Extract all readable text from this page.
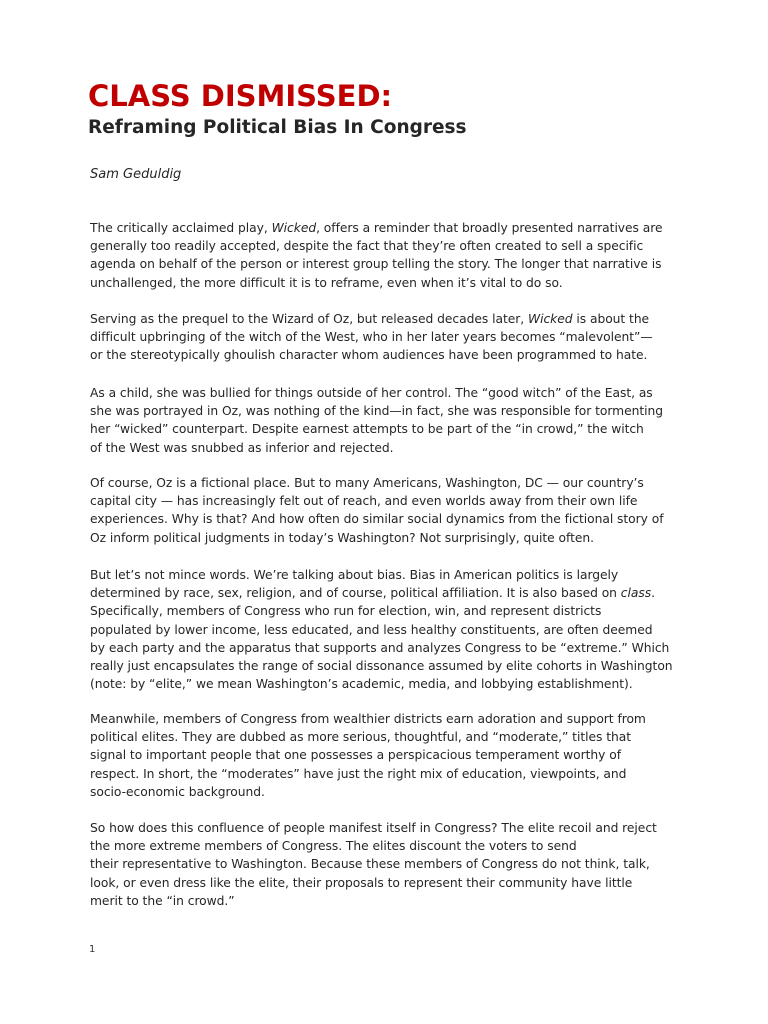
CLASS DISMISSED:
Reframing Political Bias In Congress

Sam Geduldig

The critically acclaimed play, Wicked, offers a reminder that broadly presented narratives are
generally too readily accepted, despite the fact that they’re often created to sell a specific
agenda on behalf of the person or interest group telling the story. The longer that narrative is
unchallenged, the more difficult it is to reframe, even when it’s vital to do so.

Serving as the prequel to the Wizard of Oz, but released decades later, Wicked is about the
difficult upbringing of the witch of the West, who in her later years becomes “malevolent”—
or the stereotypically ghoulish character whom audiences have been programmed to hate.

As a child, she was bullied for things outside of her control. The “good witch” of the East, as
she was portrayed in Oz, was nothing of the kind—in fact, she was responsible for tormenting
her “wicked” counterpart. Despite earnest attempts to be part of the “in crowd,” the witch
of the West was snubbed as inferior and rejected.

Of course, Oz is a fictional place. But to many Americans, Washington, DC — our country’s
capital city — has increasingly felt out of reach, and even worlds away from their own life
experiences. Why is that? And how often do similar social dynamics from the fictional story of
Oz inform political judgments in today’s Washington? Not surprisingly, quite often.

But let’s not mince words. We’re talking about bias. Bias in American politics is largely
determined by race, sex, religion, and of course, political affiliation. It is also based on class.
Specifically, members of Congress who run for election, win, and represent districts
populated by lower income, less educated, and less healthy constituents, are often deemed
by each party and the apparatus that supports and analyzes Congress to be “extreme.” Which
really just encapsulates the range of social dissonance assumed by elite cohorts in Washington
(note: by “elite,” we mean Washington’s academic, media, and lobbying establishment).

Meanwhile, members of Congress from wealthier districts earn adoration and support from
political elites. They are dubbed as more serious, thoughtful, and “moderate,” titles that
signal to important people that one possesses a perspicacious temperament worthy of
respect. In short, the “moderates” have just the right mix of education, viewpoints, and
socio-economic background.

So how does this confluence of people manifest itself in Congress? The elite recoil and reject
the more extreme members of Congress. The elites discount the voters to send
their representative to Washington. Because these members of Congress do not think, talk,
look, or even dress like the elite, their proposals to represent their community have little
merit to the “in crowd.”

1
